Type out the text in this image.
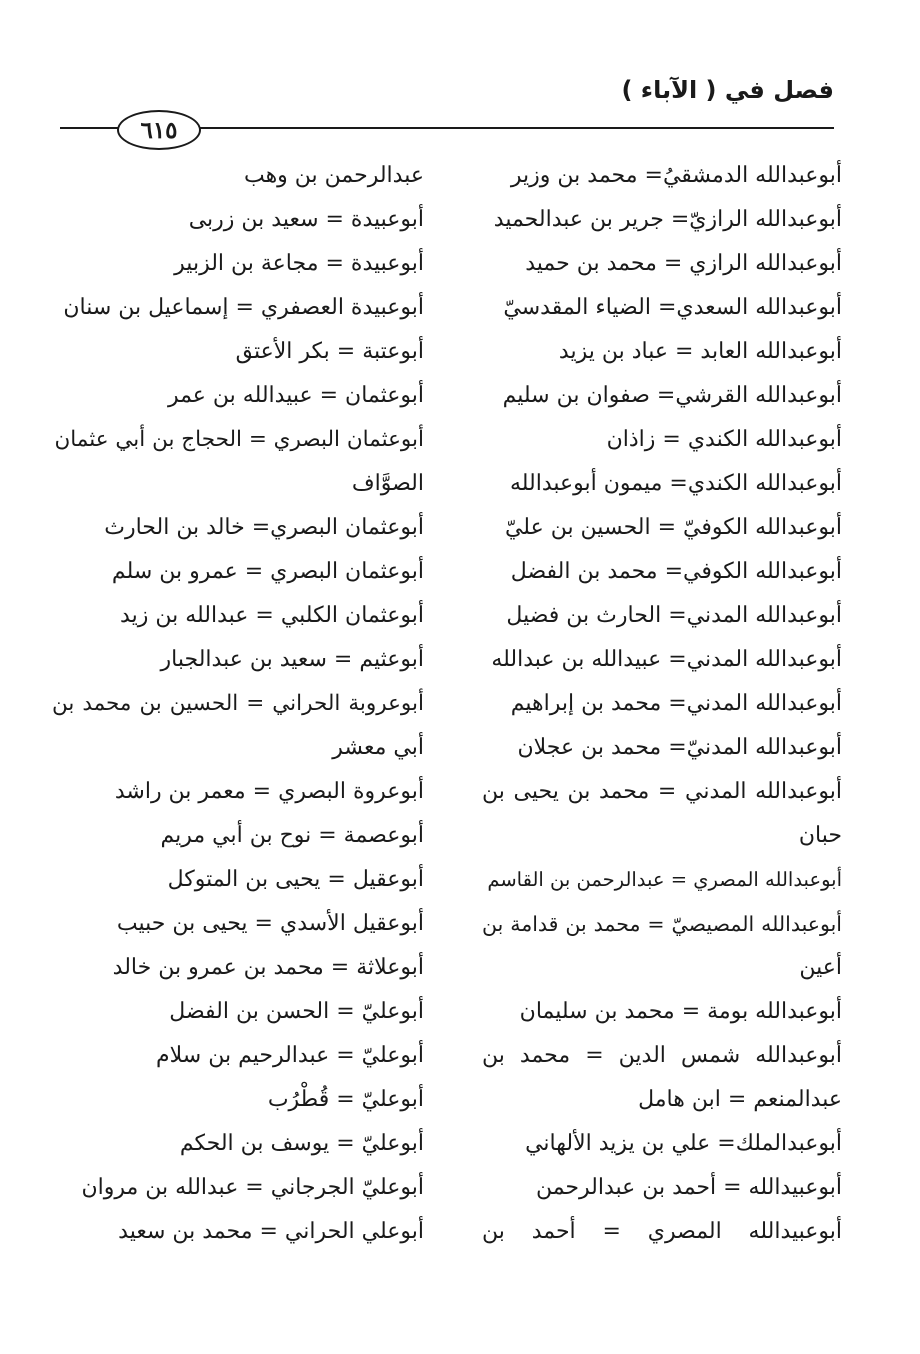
فصل في ( الآباء )
٦١٥
أبوعبدالله الدمشقيُ= محمد بن وزير
أبوعبدالله الرازيّ= جرير بن عبدالحميد
أبوعبدالله الرازي = محمد بن حميد
أبوعبدالله السعدي= الضياء المقدسيّ
أبوعبدالله العابد = عباد بن يزيد
أبوعبدالله القرشي= صفوان بن سليم
أبوعبدالله الكندي = زاذان
أبوعبدالله الكندي= ميمون أبوعبدالله
أبوعبدالله الكوفيّ = الحسين بن عليّ
أبوعبدالله الكوفي= محمد بن الفضل
أبوعبدالله المدني= الحارث بن فضيل
أبوعبدالله المدني= عبيدالله بن عبدالله
أبوعبدالله المدني= محمد بن إبراهيم
أبوعبدالله المدنيّ= محمد بن عجلان
أبوعبدالله المدني = محمد بن يحيى بن
حبان
أبوعبدالله المصري = عبدالرحمن بن القاسم
أبوعبدالله المصيصيّ = محمد بن قدامة بن
أعين
أبوعبدالله بومة = محمد بن سليمان
أبوعبدالله شمس الدين = محمد بن
عبدالمنعم = ابن هامل
أبوعبدالملك= علي بن يزيد الألهاني
أبوعبيدالله = أحمد بن عبدالرحمن
أبوعبيدالله المصري = أحمد بن
عبدالرحمن بن وهب
أبوعبيدة = سعيد بن زربى
أبوعبيدة = مجاعة بن الزبير
أبوعبيدة العصفري = إسماعيل بن سنان
أبوعتبة = بكر الأعتق
أبوعثمان = عبيدالله بن عمر
أبوعثمان البصري = الحجاج بن أبي عثمان
الصوَّاف
أبوعثمان البصري= خالد بن الحارث
أبوعثمان البصري = عمرو بن سلم
أبوعثمان الكلبي = عبدالله بن زيد
أبوعثيم = سعيد بن عبدالجبار
أبوعروبة الحراني = الحسين بن محمد بن
أبي معشر
أبوعروة البصري = معمر بن راشد
أبوعصمة = نوح بن أبي مريم
أبوعقيل = يحيى بن المتوكل
أبوعقيل الأسدي = يحيى بن حبيب
أبوعلاثة = محمد بن عمرو بن خالد
أبوعليّ = الحسن بن الفضل
أبوعليّ = عبدالرحيم بن سلام
أبوعليّ = قُطْرُب
أبوعليّ = يوسف بن الحكم
أبوعليّ الجرجاني = عبدالله بن مروان
أبوعلي الحراني = محمد بن سعيد
